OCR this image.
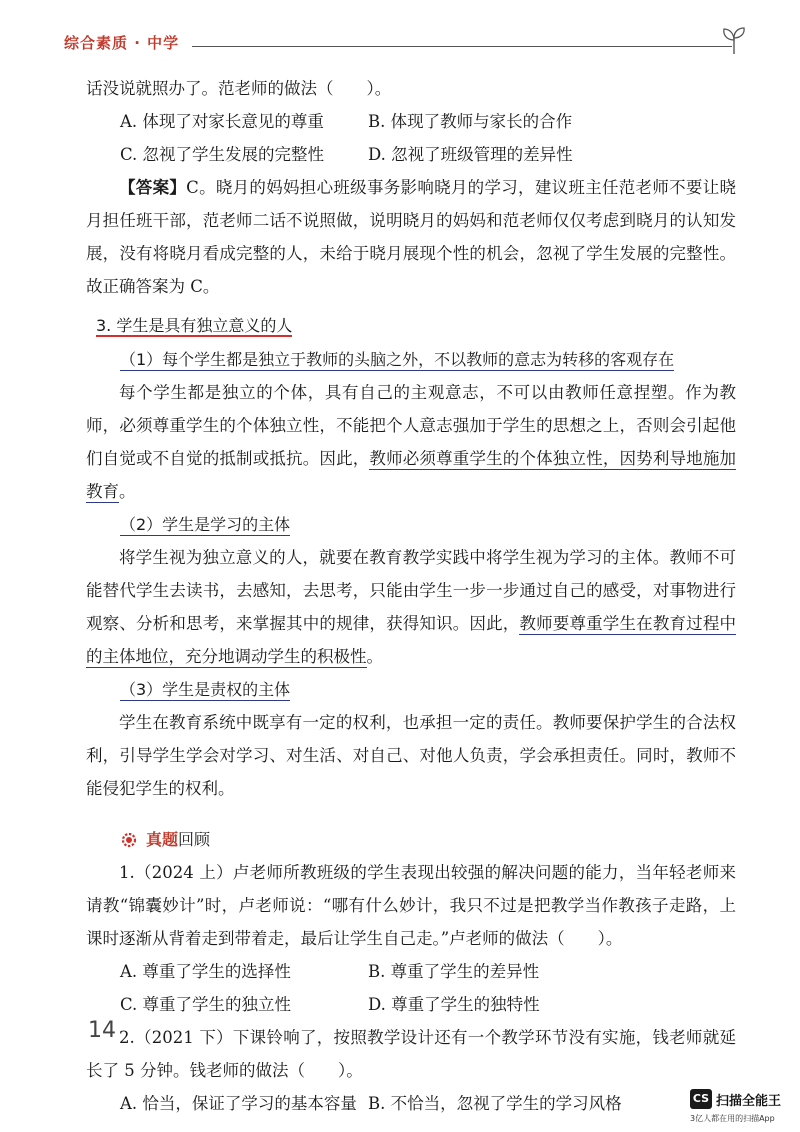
综合素质 · 中学

话没说就照办了。范老师的做法（　　）。

A. 体现了对家长意见的尊重	B. 体现了教师与家长的合作
C. 忽视了学生发展的完整性	D. 忽视了班级管理的差异性

【答案】C。晓月的妈妈担心班级事务影响晓月的学习，建议班主任范老师不要让晓月担任班干部，范老师二话不说照做，说明晓月的妈妈和范老师仅仅考虑到晓月的认知发展，没有将晓月看成完整的人，未给于晓月展现个性的机会，忽视了学生发展的完整性。故正确答案为 C。

3. 学生是具有独立意义的人
（1）每个学生都是独立于教师的头脑之外，不以教师的意志为转移的客观存在

每个学生都是独立的个体，具有自己的主观意志，不可以由教师任意捏塑。作为教师，必须尊重学生的个体独立性，不能把个人意志强加于学生的思想之上，否则会引起他们自觉或不自觉的抵制或抵抗。因此，教师必须尊重学生的个体独立性，因势利导地施加教育。

（2）学生是学习的主体

将学生视为独立意义的人，就要在教育教学实践中将学生视为学习的主体。教师不可能替代学生去读书，去感知，去思考，只能由学生一步一步通过自己的感受，对事物进行观察、分析和思考，来掌握其中的规律，获得知识。因此，教师要尊重学生在教育过程中的主体地位，充分地调动学生的积极性。

（3）学生是责权的主体

学生在教育系统中既享有一定的权利，也承担一定的责任。教师要保护学生的合法权利，引导学生学会对学习、对生活、对自己、对他人负责，学会承担责任。同时，教师不能侵犯学生的权利。

真题 回顾

1.（2024 上）卢老师所教班级的学生表现出较强的解决问题的能力，当年轻老师来请教“锦囊妙计”时，卢老师说：“哪有什么妙计，我只不过是把教学当作教孩子走路，上课时逐渐从背着走到带着走，最后让学生自己走。”卢老师的做法（　　）。

A. 尊重了学生的选择性	B. 尊重了学生的差异性
C. 尊重了学生的独立性	D. 尊重了学生的独特性

2.（2021 下）下课铃响了，按照教学设计还有一个教学环节没有实施，钱老师就延长了 5 分钟。钱老师的做法（　　）。

A. 恰当，保证了学习的基本容量 B. 不恰当，忽视了学生的学习风格
14
CS 扫描全能王
3亿人都在用的扫描App
